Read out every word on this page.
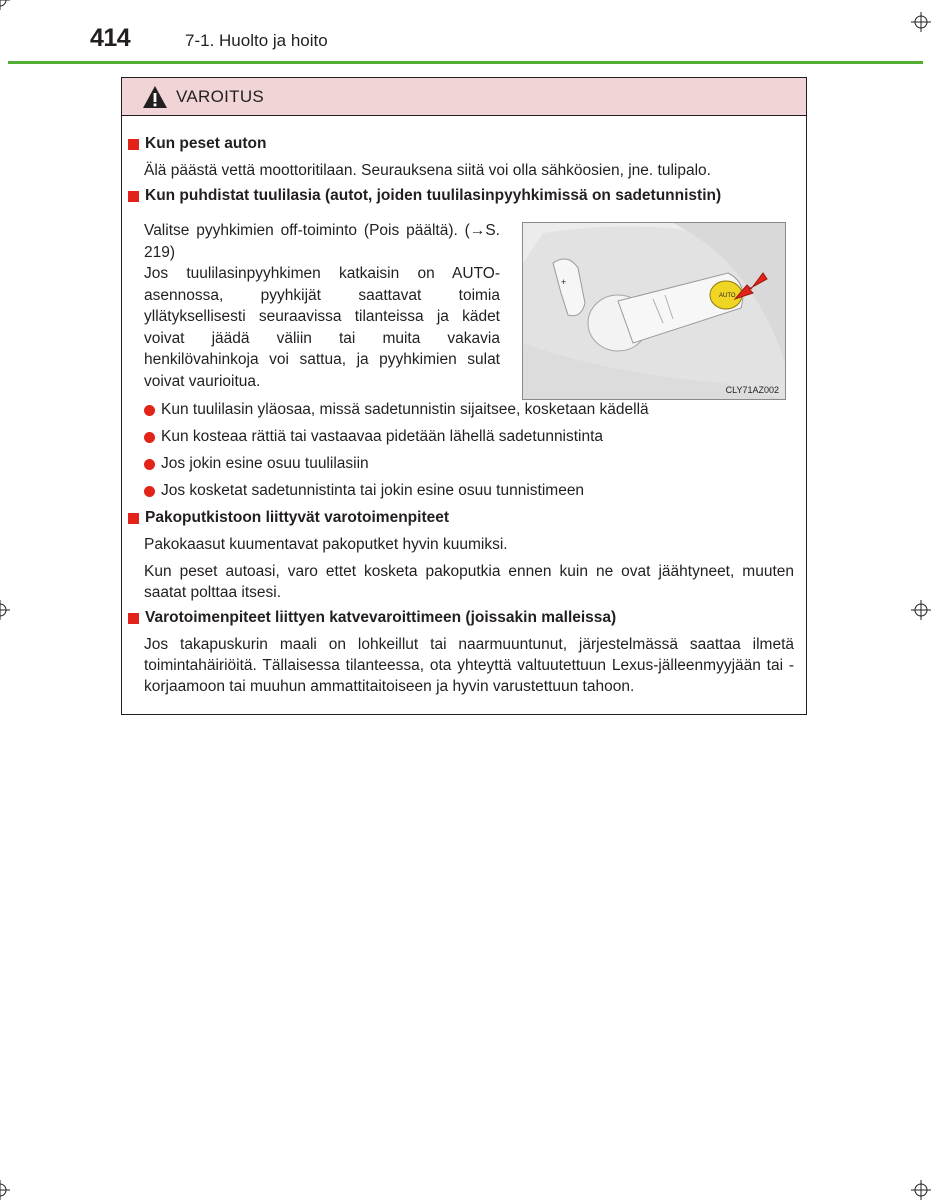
414	7-1. Huolto ja hoito
VAROITUS
Kun peset auton
Älä päästä vettä moottoritilaan. Seurauksena siitä voi olla sähköosien, jne. tulipalo.
Kun puhdistat tuulilasia (autot, joiden tuulilasinpyyhkimissä on sadetunnistin)
Valitse pyyhkimien off-toiminto (Pois päältä). (→S. 219)
Jos tuulilasinpyyhkimen katkaisin on AUTO-asennossa, pyyhkijät saattavat toimia yllätyksellisesti seuraavissa tilanteissa ja kädet voivat jäädä väliin tai muita vakavia henkilövahinkoja voi sattua, ja pyyhkimien sulat voivat vaurioitua.
+
AUTO
CLY71AZ002
Kun tuulilasin yläosaa, missä sadetunnistin sijaitsee, kosketaan kädellä
Kun kosteaa rättiä tai vastaavaa pidetään lähellä sadetunnistinta
Jos jokin esine osuu tuulilasiin
Jos kosketat sadetunnistinta tai jokin esine osuu tunnistimeen
Pakoputkistoon liittyvät varotoimenpiteet
Pakokaasut kuumentavat pakoputket hyvin kuumiksi.
Kun peset autoasi, varo ettet kosketa pakoputkia ennen kuin ne ovat jäähtyneet, muuten saatat polttaa itsesi.
Varotoimenpiteet liittyen katvevaroittimeen (joissakin malleissa)
Jos takapuskurin maali on lohkeillut tai naarmuuntunut, järjestelmässä saattaa ilmetä toimintahäiriöitä. Tällaisessa tilanteessa, ota yhteyttä valtuutettuun Lexus-jälleenmyyjään tai -korjaamoon tai muuhun ammattitaitoiseen ja hyvin varustettuun tahoon.
